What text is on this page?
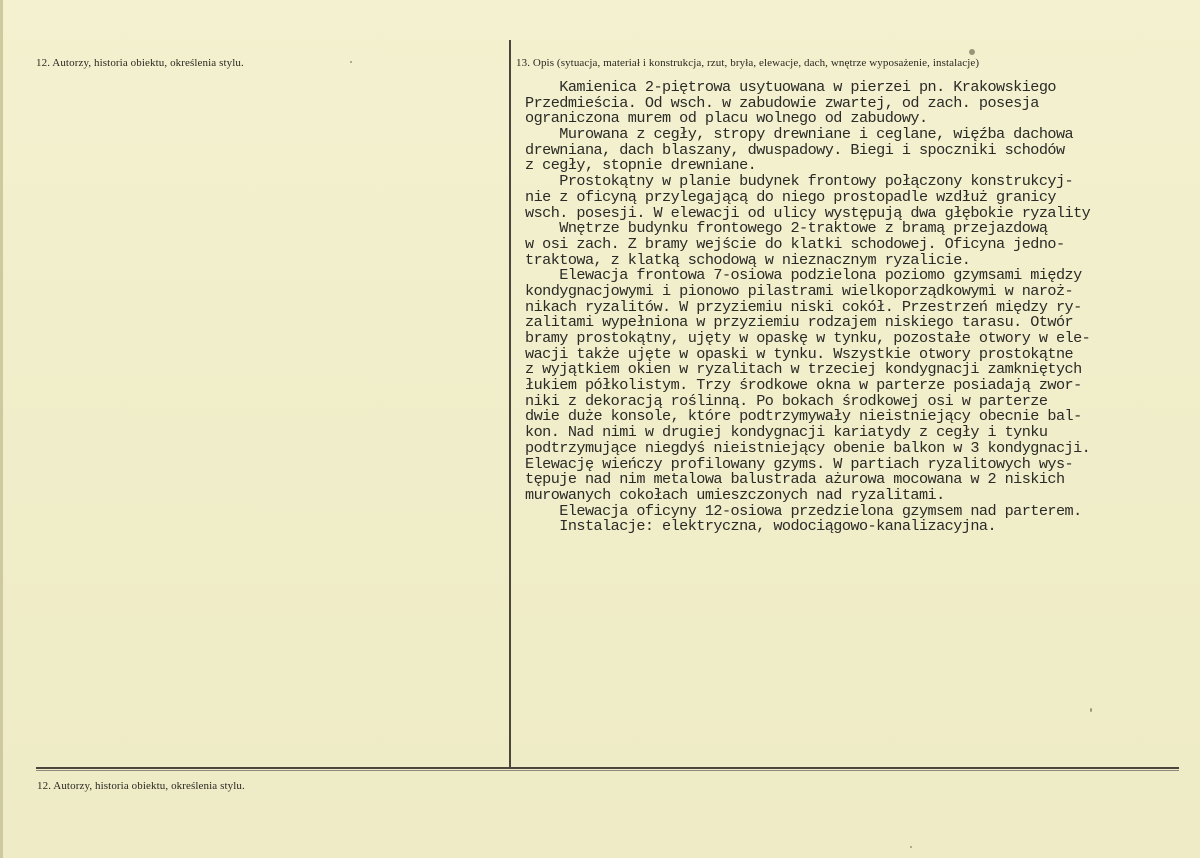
12. Autorzy, historia obiektu, określenia stylu.	13. Opis (sytuacja, materiał i konstrukcja, rzut, bryła, elewacje, dach, wnętrze wyposażenie, instalacje)
Kamienica 2-piętrowa usytuowana w pierzei pn. Krakowskiego
Przedmieścia. Od wsch. w zabudowie zwartej, od zach. posesja
ograniczona murem od placu wolnego od zabudowy.
Murowana z cegły, stropy drewniane i ceglane, więźba dachowa
drewniana, dach blaszany, dwuspadowy. Biegi i spoczniki schodów
z cegły, stopnie drewniane.
Prostokątny w planie budynek frontowy połączony konstrukcyj-
nie z oficyną przylegającą do niego prostopadle wzdłuż granicy
wsch. posesji. W elewacji od ulicy występują dwa głębokie ryzality
Wnętrze budynku frontowego 2-traktowe z bramą przejazdową
w osi zach. Z bramy wejście do klatki schodowej. Oficyna jedno-
traktowa, z klatką schodową w nieznacznym ryzalicie.
Elewacja frontowa 7-osiowa podzielona poziomo gzymsami między
kondygnacjowymi i pionowo pilastrami wielkoporządkowymi w naroż-
nikach ryzalitów. W przyziemiu niski cokół. Przestrzeń między ry-
zalitami wypełniona w przyziemiu rodzajem niskiego tarasu. Otwór
bramy prostokątny, ujęty w opaskę w tynku, pozostałe otwory w ele-
wacji także ujęte w opaski w tynku. Wszystkie otwory prostokątne
z wyjątkiem okien w ryzalitach w trzeciej kondygnacji zamkniętych
łukiem półkolistym. Trzy środkowe okna w parterze posiadają zwor-
niki z dekoracją roślinną. Po bokach środkowej osi w parterze
dwie duże konsole, które podtrzymywały nieistniejący obecnie bal-
kon. Nad nimi w drugiej kondygnacji kariatydy z cegły i tynku
podtrzymujące niegdyś nieistniejący obenie balkon w 3 kondygnacji.
Elewację wieńczy profilowany gzyms. W partiach ryzalitowych wys-
tępuje nad nim metalowa balustrada ażurowa mocowana w 2 niskich
murowanych cokołach umieszczonych nad ryzalitami.
Elewacja oficyny 12-osiowa przedzielona gzymsem nad parterem.
Instalacje: elektryczna, wodociągowo-kanalizacyjna.
12. Autorzy, historia obiektu, określenia stylu.
